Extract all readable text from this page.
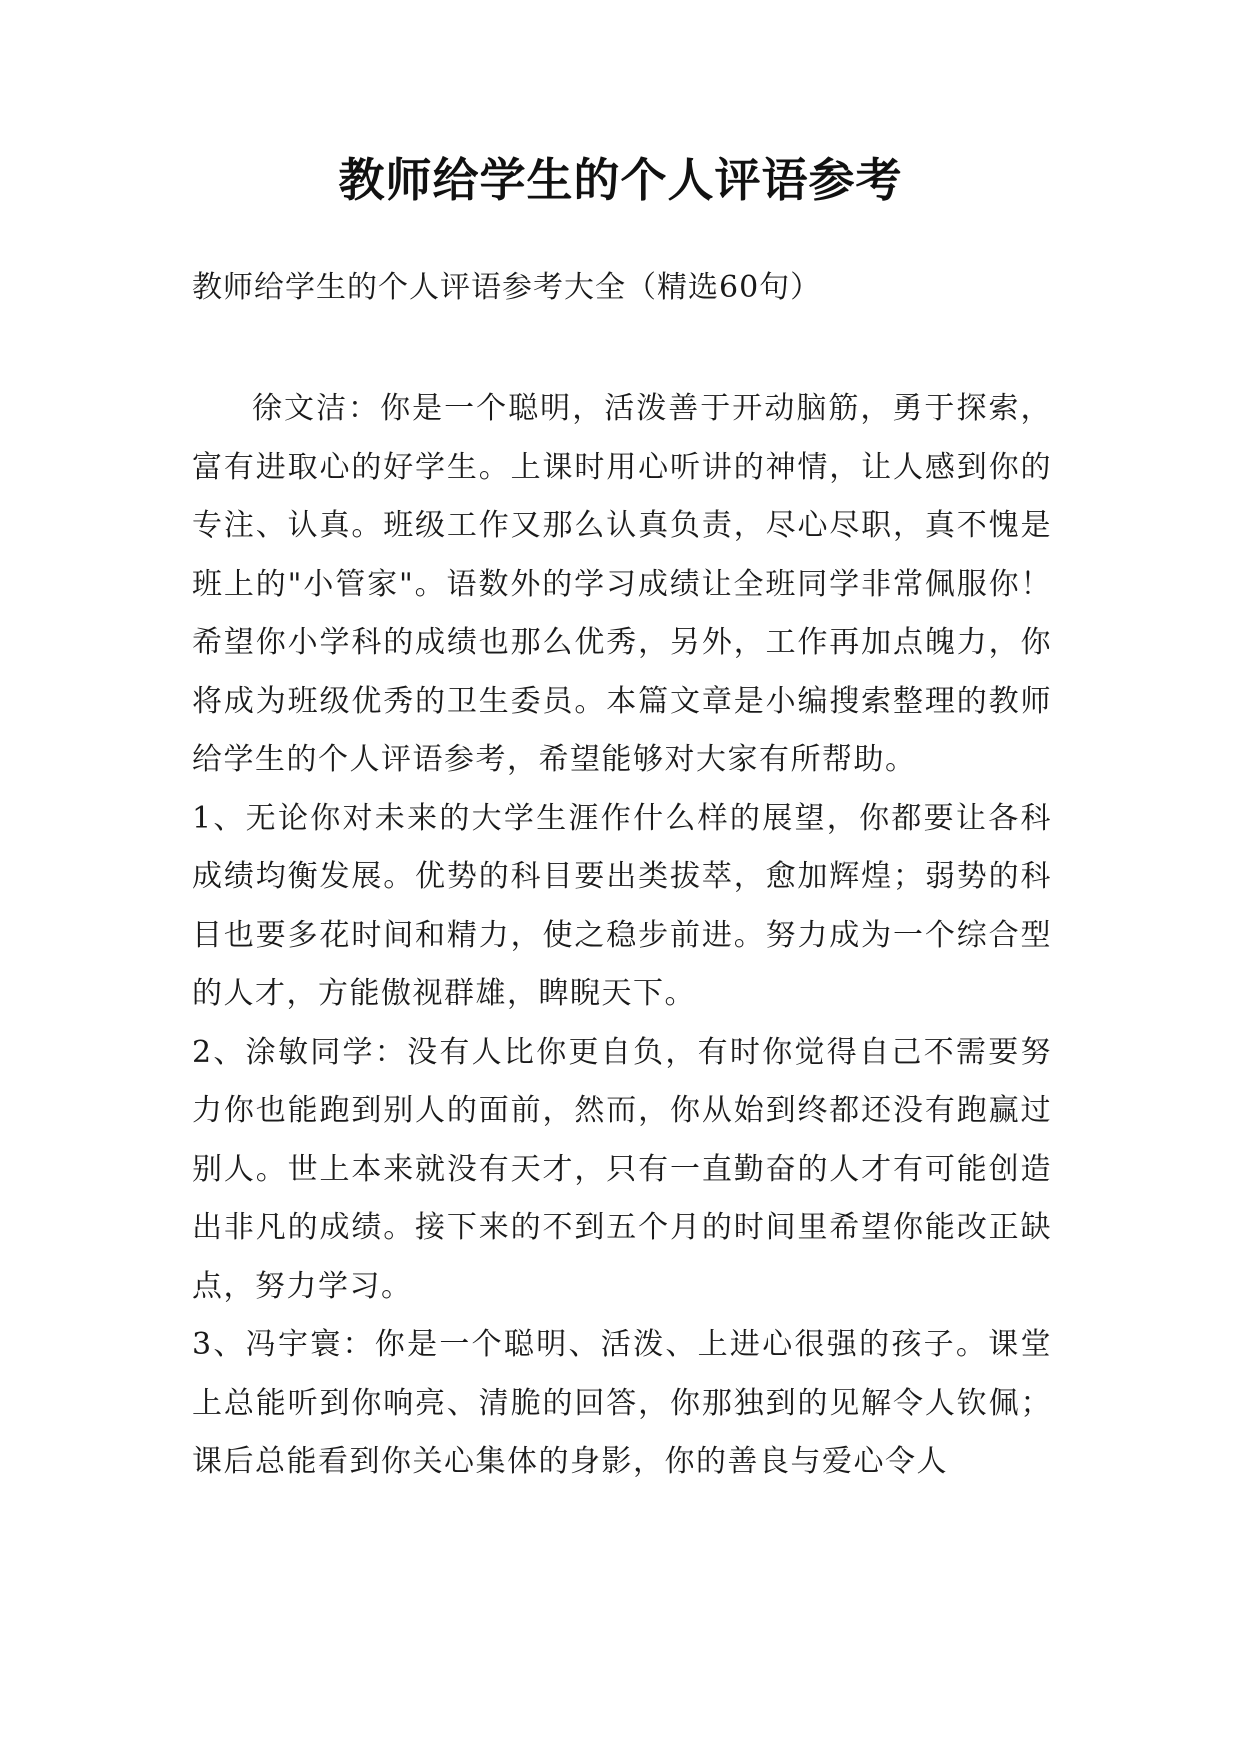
教师给学生的个人评语参考

教师给学生的个人评语参考大全（精选60句）

徐文洁：你是一个聪明，活泼善于开动脑筋，勇于探索，富有进取心的好学生。上课时用心听讲的神情，让人感到你的专注、认真。班级工作又那么认真负责，尽心尽职，真不愧是班上的"小管家"。语数外的学习成绩让全班同学非常佩服你！希望你小学科的成绩也那么优秀，另外，工作再加点魄力，你将成为班级优秀的卫生委员。本篇文章是小编搜索整理的教师给学生的个人评语参考，希望能够对大家有所帮助。

1、无论你对未来的大学生涯作什么样的展望，你都要让各科成绩均衡发展。优势的科目要出类拔萃，愈加辉煌；弱势的科目也要多花时间和精力，使之稳步前进。努力成为一个综合型的人才，方能傲视群雄，睥睨天下。

2、涂敏同学：没有人比你更自负，有时你觉得自己不需要努力你也能跑到别人的面前，然而，你从始到终都还没有跑赢过别人。世上本来就没有天才，只有一直勤奋的人才有可能创造出非凡的成绩。接下来的不到五个月的时间里希望你能改正缺点，努力学习。

3、冯宇寰：你是一个聪明、活泼、上进心很强的孩子。课堂上总能听到你响亮、清脆的回答，你那独到的见解令人钦佩；课后总能看到你关心集体的身影，你的善良与爱心令人
